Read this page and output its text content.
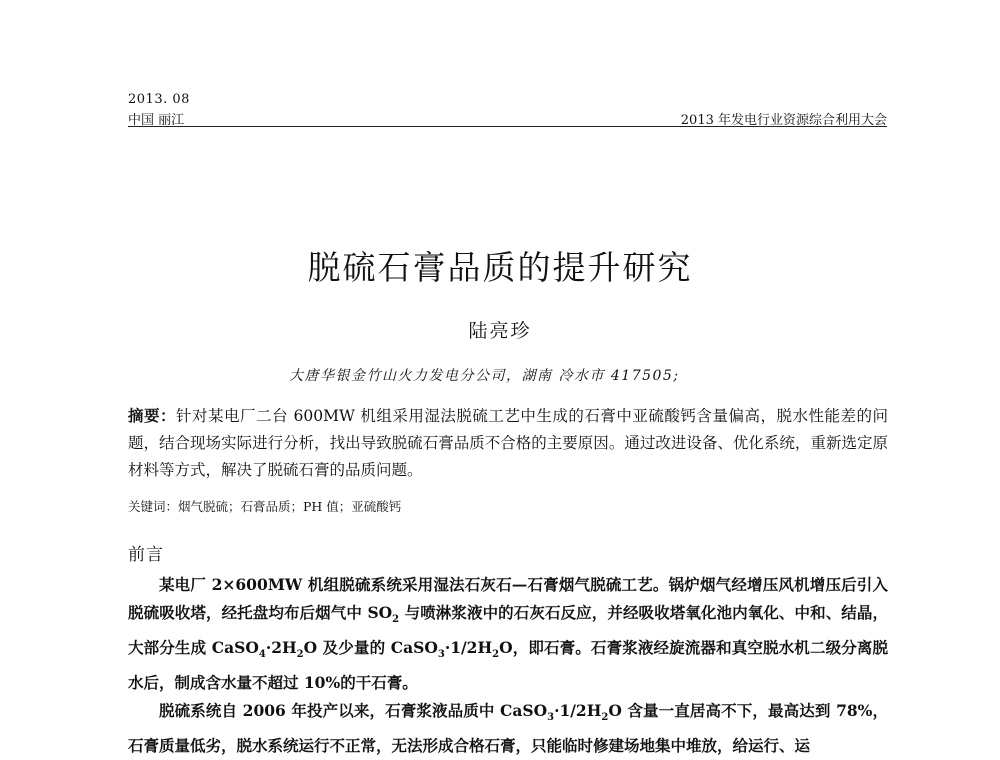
2013. 08
中国 丽江	2013 年发电行业资源综合利用大会
脱硫石膏品质的提升研究
陆亮珍
大唐华银金竹山火力发电分公司，湖南 冷水市 417505;
摘要：针对某电厂二台 600MW 机组采用湿法脱硫工艺中生成的石膏中亚硫酸钙含量偏高，脱水性能差的问题，结合现场实际进行分析，找出导致脱硫石膏品质不合格的主要原因。通过改进设备、优化系统，重新选定原材料等方式，解决了脱硫石膏的品质问题。
关键词：烟气脱硫；石膏品质；PH 值；亚硫酸钙
前言

某电厂 2×600MW 机组脱硫系统采用湿法石灰石—石膏烟气脱硫工艺。锅炉烟气经增压风机增压后引入脱硫吸收塔，经托盘均布后烟气中 $SO_2$ 与喷淋浆液中的石灰石反应，并经吸收塔氧化池内氧化、中和、结晶，大部分生成 $CaSO_4\cdot 2H_2O$ 及少量的 $CaSO_3\cdot 1/2H_2O$，即石膏。石膏浆液经旋流器和真空脱水机二级分离脱水后，制成含水量不超过 10%的干石膏。

脱硫系统自 2006 年投产以来，石膏浆液品质中 $CaSO_3\cdot 1/2H_2O$ 含量一直居高不下，最高达到 78%，石膏质量低劣，脱水系统运行不正常，无法形成合格石膏，只能临时修建场地集中堆放，给运行、运
